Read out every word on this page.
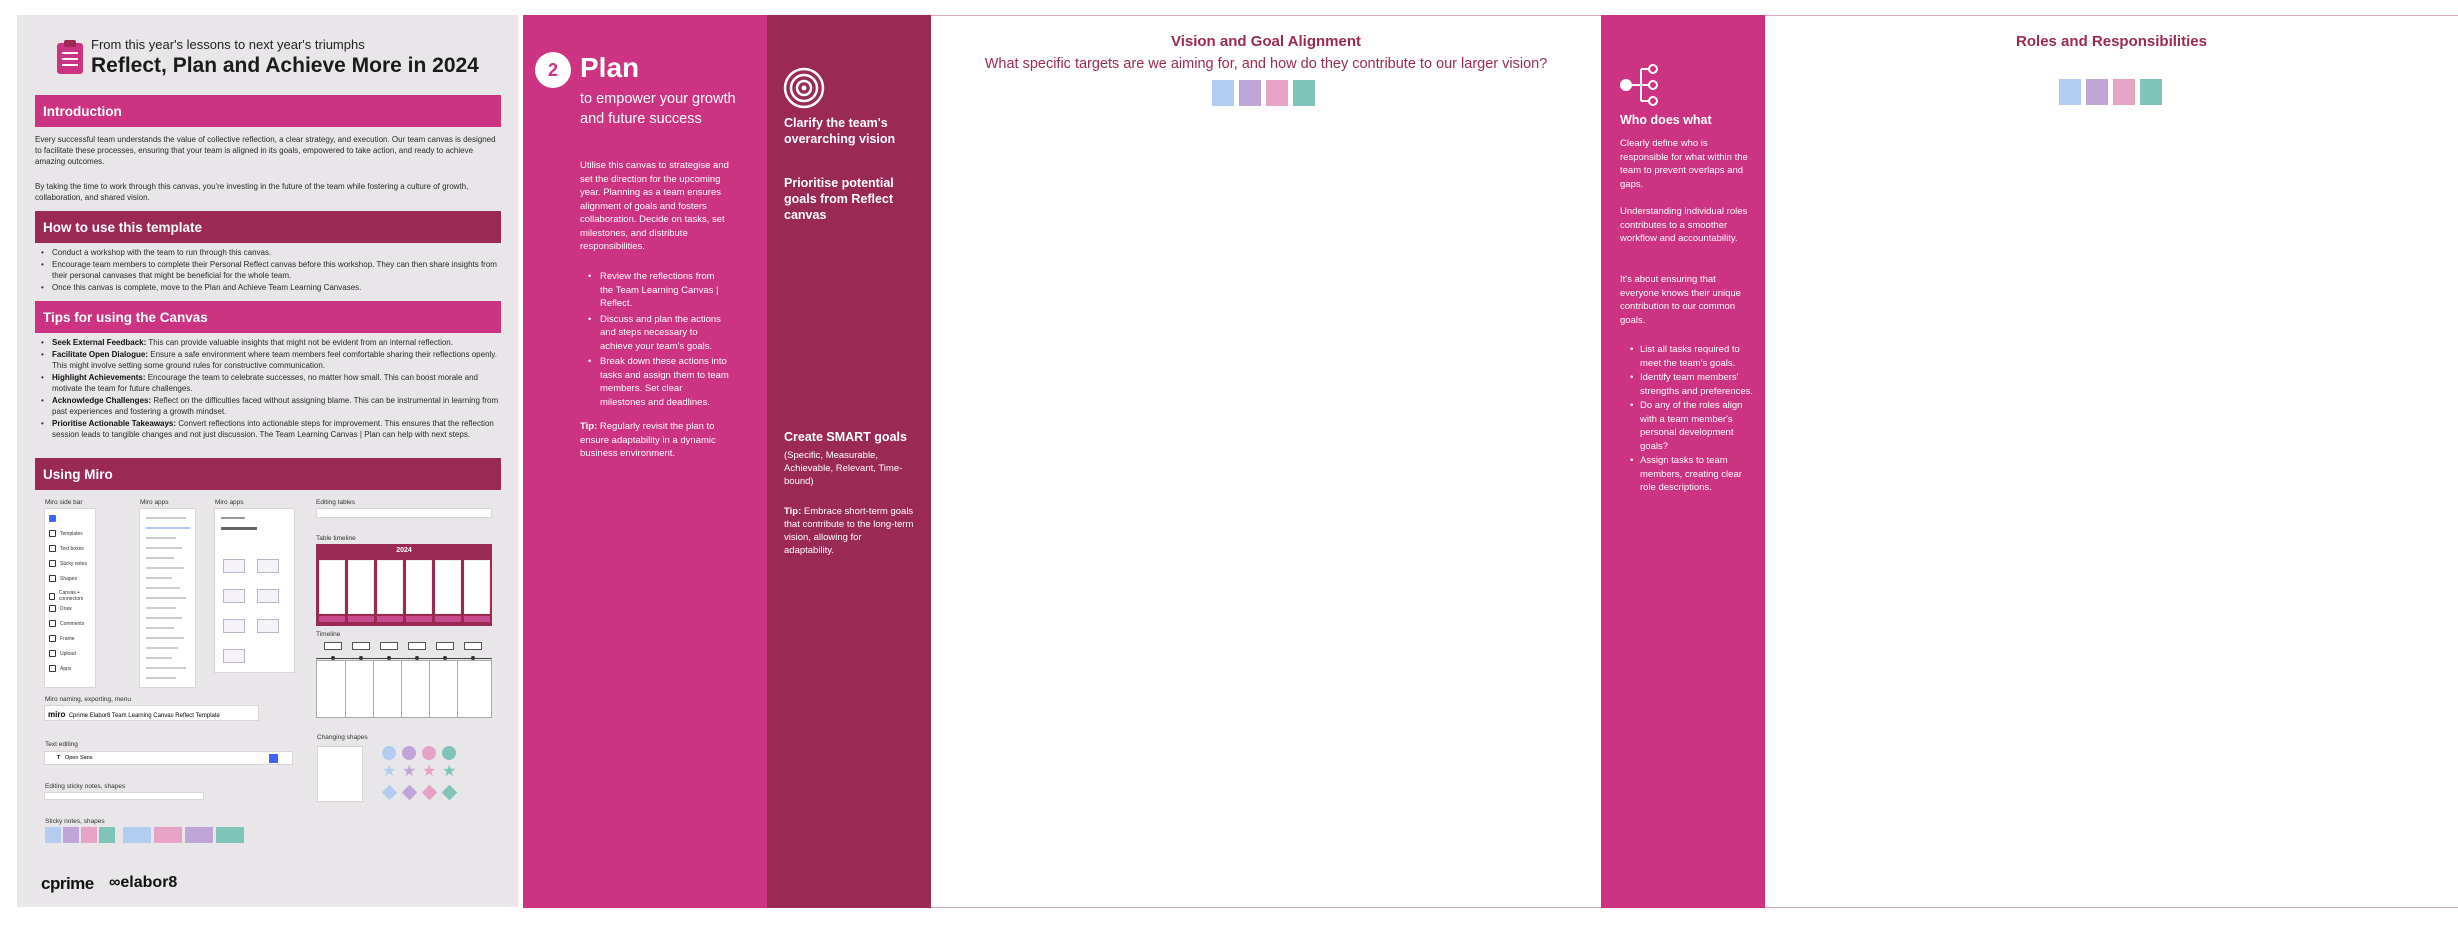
From this year's lessons to next year's triumphs
Reflect, Plan and Achieve More in 2024
Introduction
Every successful team understands the value of collective reflection, a clear strategy, and execution. Our team canvas is designed to facilitate these processes, ensuring that your team is aligned in its goals, empowered to take action, and ready to achieve amazing outcomes.
By taking the time to work through this canvas, you're investing in the future of the team while fostering a culture of growth, collaboration, and shared vision.
How to use this template
• Conduct a workshop with the team to run through this canvas.
• Encourage team members to complete their Personal Reflect canvas before this workshop. They can then share insights from their personal canvases that might be beneficial for the whole team.
• Once this canvas is complete, move to the Plan and Achieve Team Learning Canvases.
Tips for using the Canvas
• Seek External Feedback: This can provide valuable insights that might not be evident from an internal reflection.
• Facilitate Open Dialogue: Ensure a safe environment where team members feel comfortable sharing their reflections openly. This might involve setting some ground rules for constructive communication.
• Highlight Achievements: Encourage the team to celebrate successes, no matter how small. This can boost morale and motivate the team for future challenges.
• Acknowledge Challenges: Reflect on the difficulties faced without assigning blame. This can be instrumental in learning from past experiences and fostering a growth mindset.
• Prioritise Actionable Takeaways: Convert reflections into actionable steps for improvement. This ensures that the reflection session leads to tangible changes and not just discussion. The Team Learning Canvas | Plan can help with next steps.
Using Miro
Miro side bar
Templates
Text boxes
Sticky notes
Shapes
Canvas + connectors
Draw
Comments
Frame
Upload
Apps
Miro apps	Miro apps	Editing tables
Table timeline
2024
Timeline
Miro naming, exporting, menu
miro Cprime Elabor8 Team Learning Canvas Reflect Template
Text editing
T Open Sans
Editing sticky notes, shapes
Changing shapes
★ ★ ★ ★
Sticky notes, shapes
cprime ∞elabor8
2 Plan
to empower your growth and future success
Utilise this canvas to strategise and set the direction for the upcoming year. Planning as a team ensures alignment of goals and fosters collaboration. Decide on tasks, set milestones, and distribute responsibilities.
• Review the reflections from the Team Learning Canvas | Reflect.
• Discuss and plan the actions and steps necessary to achieve your team's goals.
• Break down these actions into tasks and assign them to team members. Set clear milestones and deadlines.
Tip: Regularly revisit the plan to ensure adaptability in a dynamic business environment.
Clarify the team's overarching vision
Prioritise potential goals from Reflect canvas
Create SMART goals
(Specific, Measurable, Achievable, Relevant, Time-bound)
Tip: Embrace short-term goals that contribute to the long-term vision, allowing for adaptability.
Vision and Goal Alignment
What specific targets are we aiming for, and how do they contribute to our larger vision?
Who does what
Clearly define who is responsible for what within the team to prevent overlaps and gaps.
Understanding individual roles contributes to a smoother workflow and accountability.
It's about ensuring that everyone knows their unique contribution to our common goals.
• List all tasks required to meet the team's goals.
• Identify team members' strengths and preferences.
• Do any of the roles align with a team member's personal development goals?
• Assign tasks to team members, creating clear role descriptions.
Roles and Responsibilities
